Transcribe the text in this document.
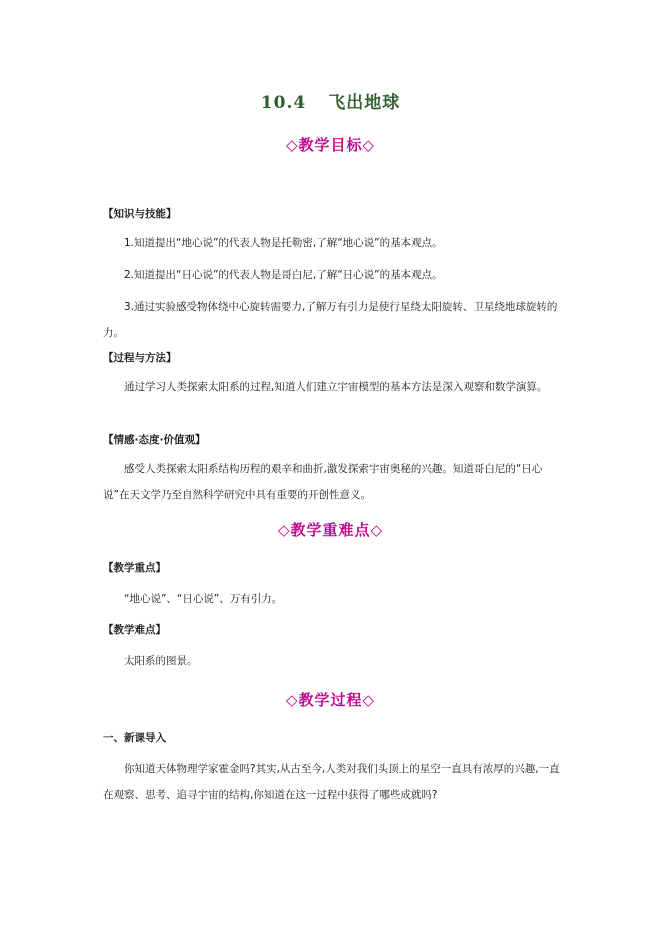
10.4 飞出地球
◇教学目标◇
【知识与技能】
1.知道提出“地心说”的代表人物是托勒密,了解“地心说”的基本观点。
2.知道提出“日心说”的代表人物是哥白尼,了解“日心说”的基本观点。
3.通过实验感受物体绕中心旋转需要力,了解万有引力是使行星绕太阳旋转、卫星绕地球旋转的力。
【过程与方法】
通过学习人类探索太阳系的过程,知道人们建立宇宙模型的基本方法是深入观察和数学演算。
【情感·态度·价值观】
感受人类探索太阳系结构历程的艰辛和曲折,激发探索宇宙奥秘的兴趣。知道哥白尼的“日心说”在天文学乃至自然科学研究中具有重要的开创性意义。
◇教学重难点◇
【教学重点】
“地心说”、“日心说”、万有引力。
【教学难点】
太阳系的图景。
◇教学过程◇
一、新课导入
你知道天体物理学家霍金吗?其实,从古至今,人类对我们头顶上的星空一直具有浓厚的兴趣,一直在观察、思考、追寻宇宙的结构,你知道在这一过程中获得了哪些成就吗?
